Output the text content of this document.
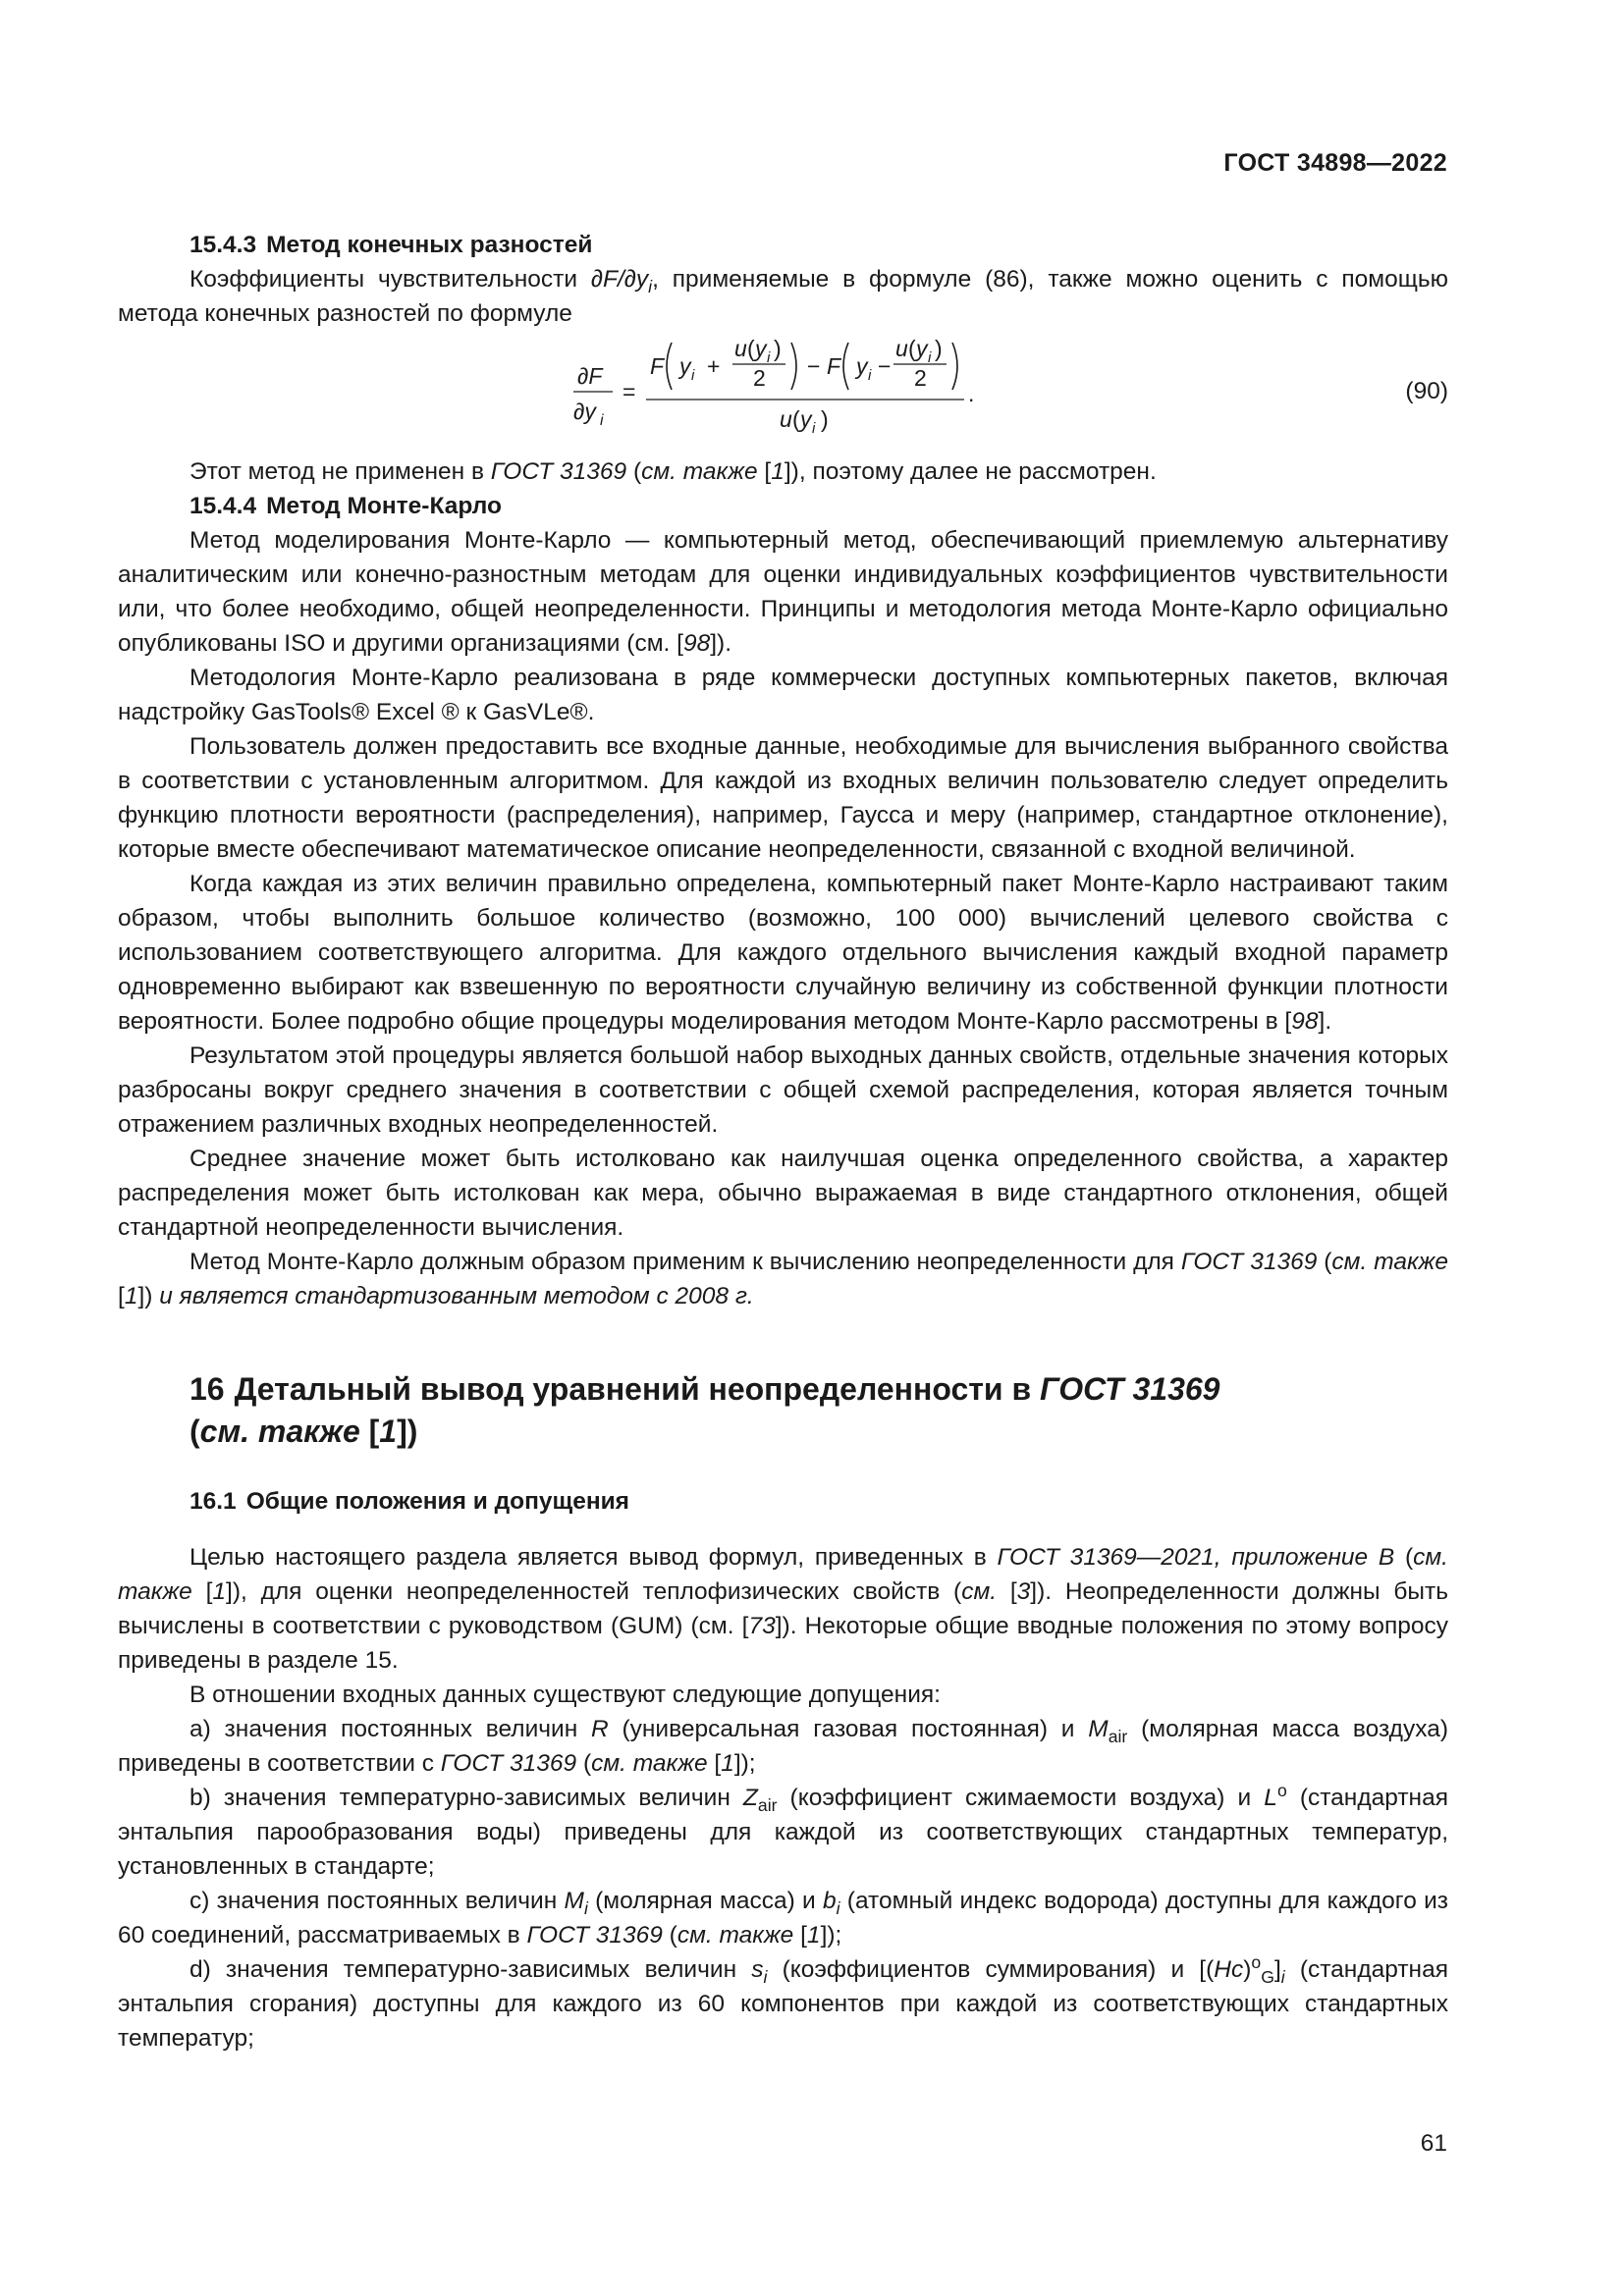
ГОСТ 34898—2022
15.4.3 Метод конечных разностей

Коэффициенты чувствительности $\partial F/\partial y_i$, применяемые в формуле (86), также можно оценить с помощью метода конечных разностей по формуле

∂F
∂y i
=
F y i +
u ( y i )
2 − F y i −
u ( y i )
2
u ( y i )
.	(90)

Этот метод не применен в ГОСТ 31369 (см. также [1]), поэтому далее не рассмотрен.

15.4.4 Метод Монте-Карло

Метод моделирования Монте-Карло — компьютерный метод, обеспечивающий приемлемую альтернативу аналитическим или конечно-разностным методам для оценки индивидуальных коэффициентов чувствительности или, что более необходимо, общей неопределенности. Принципы и методология метода Монте-Карло официально опубликованы ISO и другими организациями (см. [98]).

Методология Монте-Карло реализована в ряде коммерчески доступных компьютерных пакетов, включая надстройку GasTools® Excel ® к GasVLe®.

Пользователь должен предоставить все входные данные, необходимые для вычисления выбранного свойства в соответствии с установленным алгоритмом. Для каждой из входных величин пользователю следует определить функцию плотности вероятности (распределения), например, Гаусса и меру (например, стандартное отклонение), которые вместе обеспечивают математическое описание неопределенности, связанной с входной величиной.

Когда каждая из этих величин правильно определена, компьютерный пакет Монте-Карло настраивают таким образом, чтобы выполнить большое количество (возможно, 100 000) вычислений целевого свойства с использованием соответствующего алгоритма. Для каждого отдельного вычисления каждый входной параметр одновременно выбирают как взвешенную по вероятности случайную величину из собственной функции плотности вероятности. Более подробно общие процедуры моделирования методом Монте-Карло рассмотрены в [98].

Результатом этой процедуры является большой набор выходных данных свойств, отдельные значения которых разбросаны вокруг среднего значения в соответствии с общей схемой распределения, которая является точным отражением различных входных неопределенностей.

Среднее значение может быть истолковано как наилучшая оценка определенного свойства, а характер распределения может быть истолкован как мера, обычно выражаемая в виде стандартного отклонения, общей стандартной неопределенности вычисления.

Метод Монте-Карло должным образом применим к вычислению неопределенности для ГОСТ 31369 (см. также [1]) и является стандартизованным методом с 2008 г.

16 Детальный вывод уравнений неопределенности в ГОСТ 31369
(см. также [1])
16.1 Общие положения и допущения

Целью настоящего раздела является вывод формул, приведенных в ГОСТ 31369—2021, приложение В (см. также [1]), для оценки неопределенностей теплофизических свойств (см. [3]). Неопределенности должны быть вычислены в соответствии с руководством (GUM) (см. [73]). Некоторые общие вводные положения по этому вопросу приведены в разделе 15.

В отношении входных данных существуют следующие допущения:

а) значения постоянных величин R (универсальная газовая постоянная) и $M_{air}$ (молярная масса воздуха) приведены в соответствии с ГОСТ 31369 (см. также [1]);

b) значения температурно-зависимых величин $Z_{air}$ (коэффициент сжимаемости воздуха) и $L^o$ (стандартная энтальпия парообразования воды) приведены для каждой из соответствующих стандартных температур, установленных в стандарте;

с) значения постоянных величин $M_i$ (молярная масса) и $b_i$ (атомный индекс водорода) доступны для каждого из 60 соединений, рассматриваемых в ГОСТ 31369 (см. также [1]);

d) значения температурно-зависимых величин $s_i$ (коэффициентов суммирования) и $[(Hc)^o_G]_i$ (стандартная энтальпия сгорания) доступны для каждого из 60 компонентов при каждой из соответствующих стандартных температур;

61
